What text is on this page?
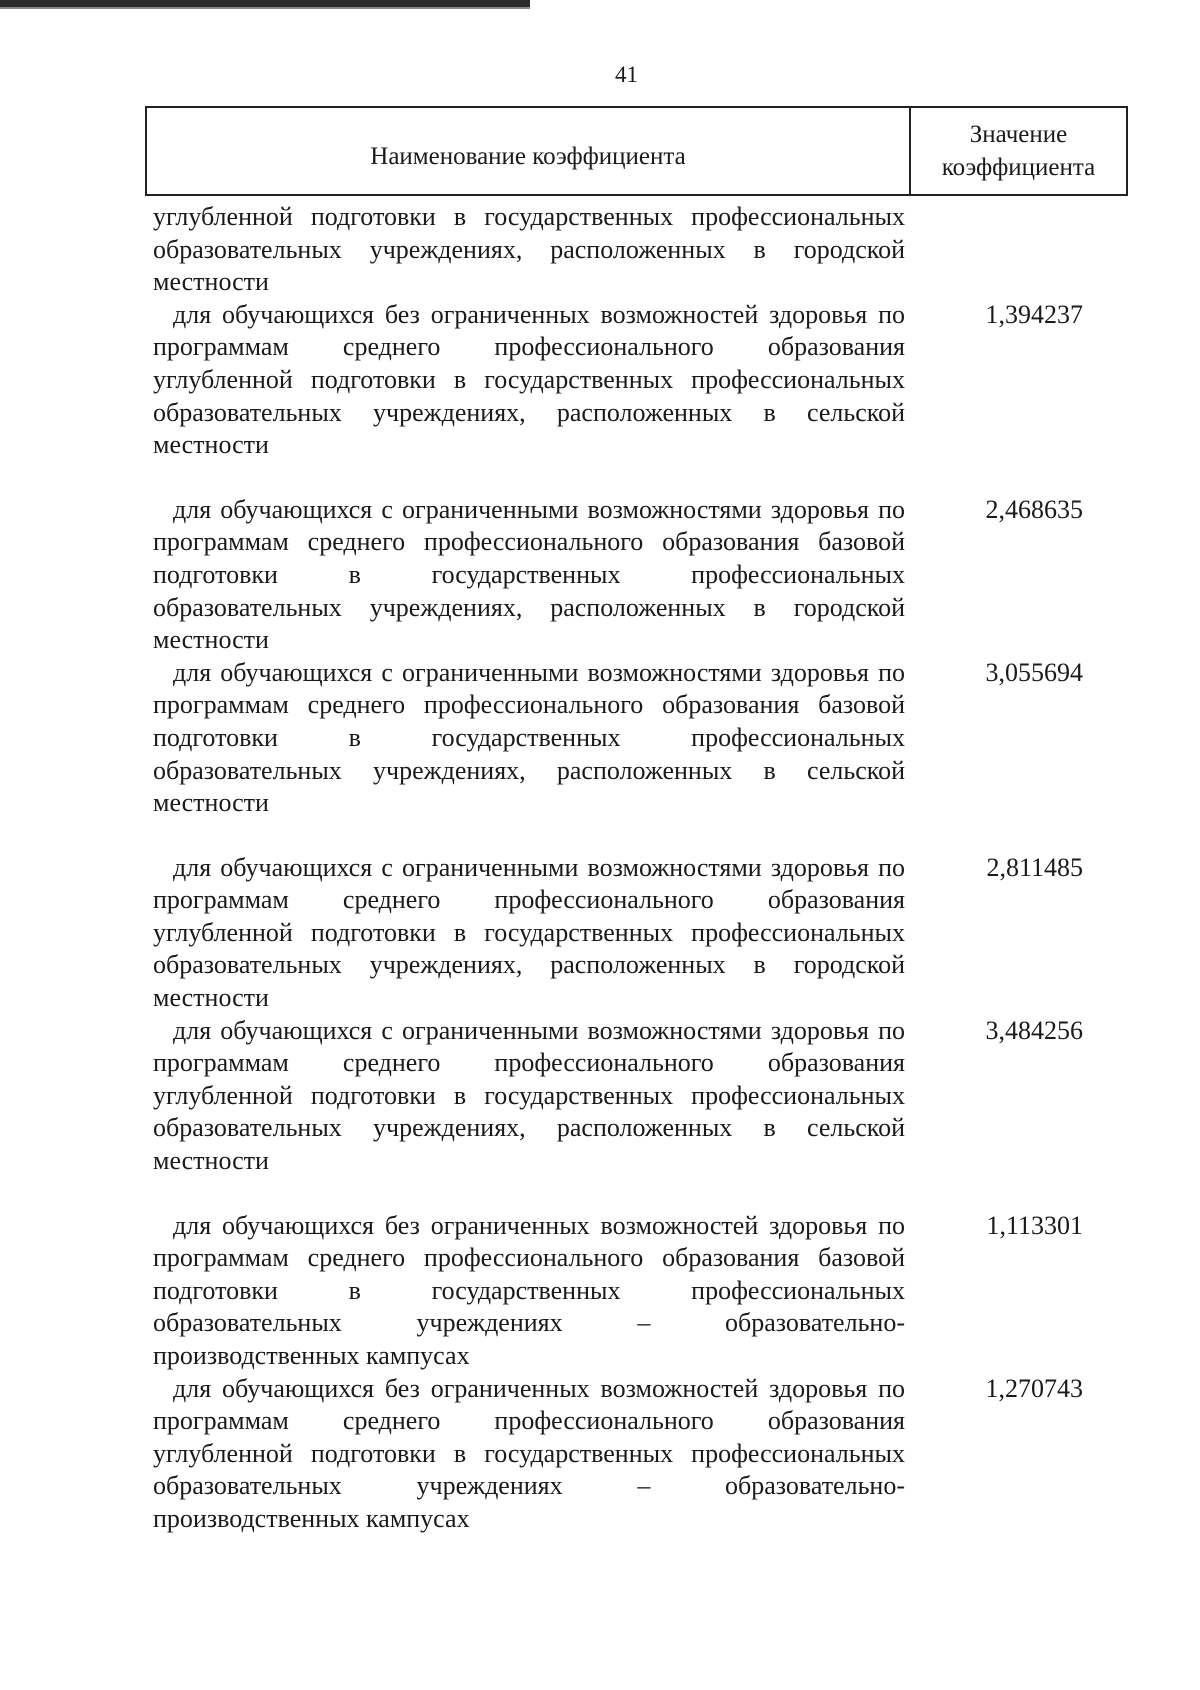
41
Наименование коэффициента
Значение
коэффициента
углубленной подготовки в государственных профессиональных образовательных учреждениях, расположенных в городской местности
для обучающихся без ограниченных возможностей здоровья по программам среднего профессионального образования углубленной подготовки в государственных профессиональных образовательных учреждениях, расположенных в сельской местности
1,394237
для обучающихся с ограниченными возможностями здоровья по программам среднего профессионального образования базовой подготовки в государственных профессиональных образовательных учреждениях, расположенных в городской местности
2,468635
для обучающихся с ограниченными возможностями здоровья по программам среднего профессионального образования базовой подготовки в государственных профессиональных образовательных учреждениях, расположенных в сельской местности
3,055694
для обучающихся с ограниченными возможностями здоровья по программам среднего профессионального образования углубленной подготовки в государственных профессиональных образовательных учреждениях, расположенных в городской местности
2,811485
для обучающихся с ограниченными возможностями здоровья по программам среднего профессионального образования углубленной подготовки в государственных профессиональных образовательных учреждениях, расположенных в сельской местности
3,484256
для обучающихся без ограниченных возможностей здоровья по программам среднего профессионального образования базовой подготовки в государственных профессиональных образовательных учреждениях – образовательно-производственных кампусах
1,113301
для обучающихся без ограниченных возможностей здоровья по программам среднего профессионального образования углубленной подготовки в государственных профессиональных образовательных учреждениях – образовательно-производственных кампусах
1,270743
